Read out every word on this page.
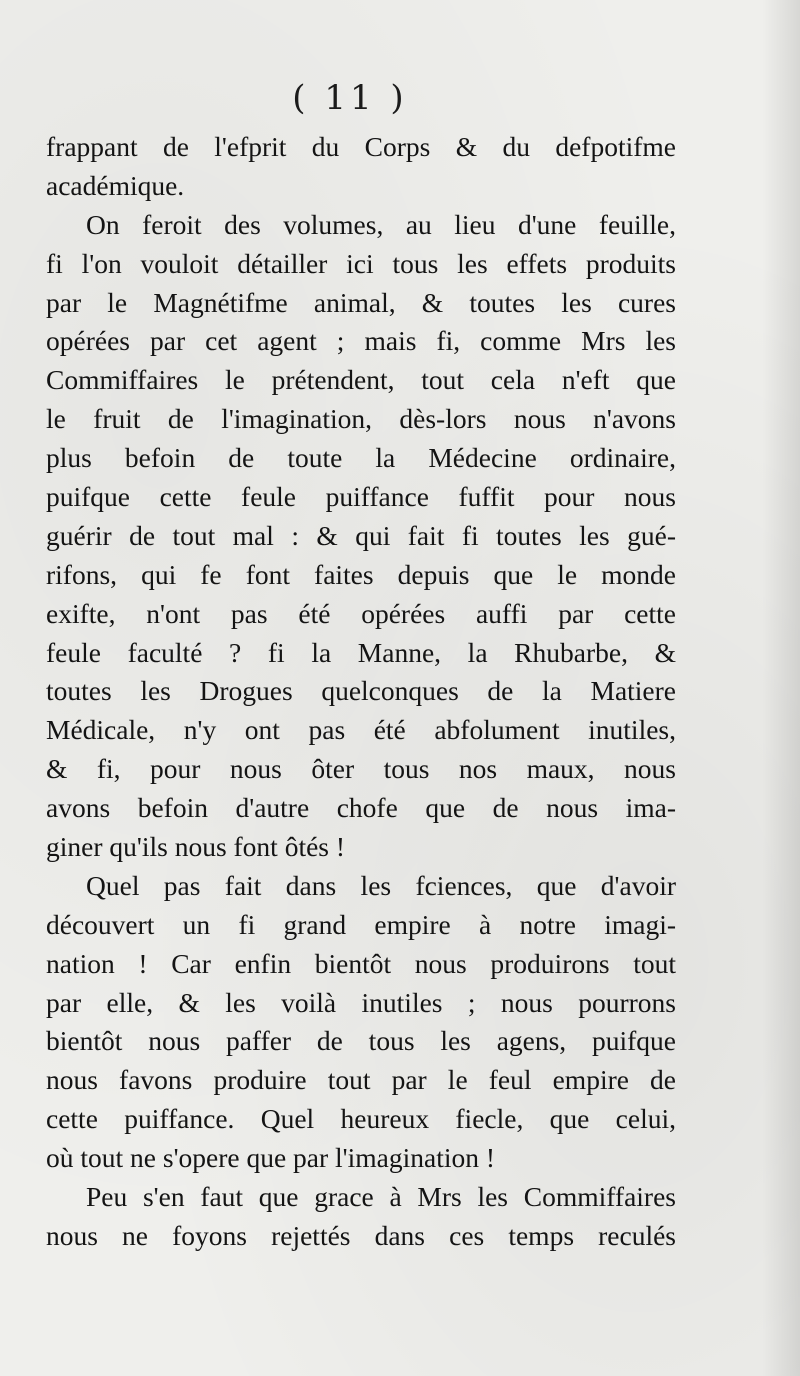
( 11 )
frappant de l'efprit du Corps & du defpotifme
académique.
On feroit des volumes, au lieu d'une feuille,
fi l'on vouloit détailler ici tous les effets produits
par le Magnétifme animal, & toutes les cures
opérées par cet agent ; mais fi, comme Mrs les
Commiffaires le prétendent, tout cela n'eft que
le fruit de l'imagination, dès-lors nous n'avons
plus befoin de toute la Médecine ordinaire,
puifque cette feule puiffance fuffit pour nous
guérir de tout mal : & qui fait fi toutes les gué-
rifons, qui fe font faites depuis que le monde
exifte, n'ont pas été opérées auffi par cette
feule faculté ? fi la Manne, la Rhubarbe, &
toutes les Drogues quelconques de la Matiere
Médicale, n'y ont pas été abfolument inutiles,
& fi, pour nous ôter tous nos maux, nous
avons befoin d'autre chofe que de nous ima-
giner qu'ils nous font ôtés !
Quel pas fait dans les fciences, que d'avoir
découvert un fi grand empire à notre imagi-
nation ! Car enfin bientôt nous produirons tout
par elle, & les voilà inutiles ; nous pourrons
bientôt nous paffer de tous les agens, puifque
nous favons produire tout par le feul empire de
cette puiffance. Quel heureux fiecle, que celui,
où tout ne s'opere que par l'imagination !
Peu s'en faut que grace à Mrs les Commiffaires
nous ne foyons rejettés dans ces temps reculés
